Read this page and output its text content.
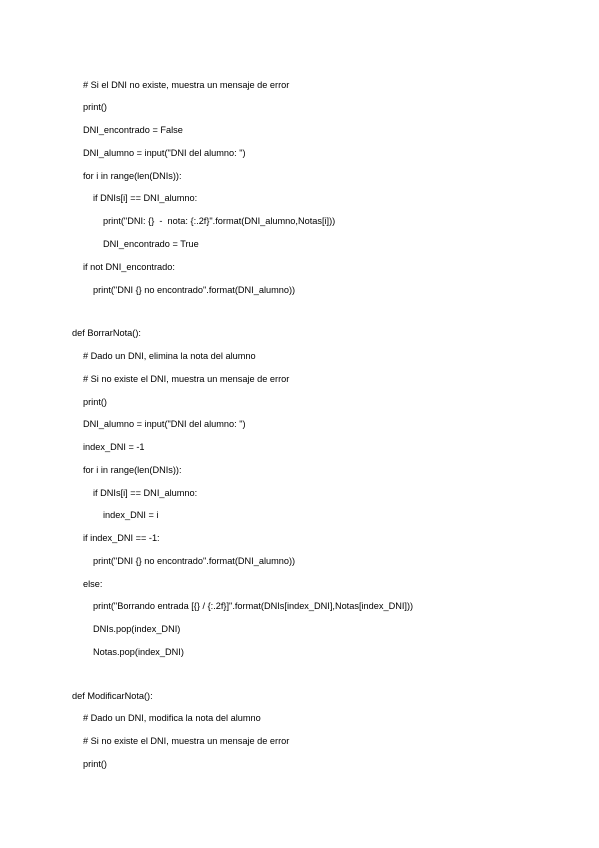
# Si el DNI no existe, muestra un mensaje de error
print()
DNI_encontrado = False
DNI_alumno = input("DNI del alumno: ")
for i in range(len(DNIs)):
if DNIs[i] == DNI_alumno:
print("DNI: {}  -  nota: {:.2f}".format(DNI_alumno,Notas[i]))
DNI_encontrado = True
if not DNI_encontrado:
print("DNI {} no encontrado".format(DNI_alumno))
def BorrarNota():
# Dado un DNI, elimina la nota del alumno
# Si no existe el DNI, muestra un mensaje de error
print()
DNI_alumno = input("DNI del alumno: ")
index_DNI = -1
for i in range(len(DNIs)):
if DNIs[i] == DNI_alumno:
index_DNI = i
if index_DNI == -1:
print("DNI {} no encontrado".format(DNI_alumno))
else:
print("Borrando entrada [{} / {:.2f}]".format(DNIs[index_DNI],Notas[index_DNI]))
DNIs.pop(index_DNI)
Notas.pop(index_DNI)
def ModificarNota():
# Dado un DNI, modifica la nota del alumno
# Si no existe el DNI, muestra un mensaje de error
print()
